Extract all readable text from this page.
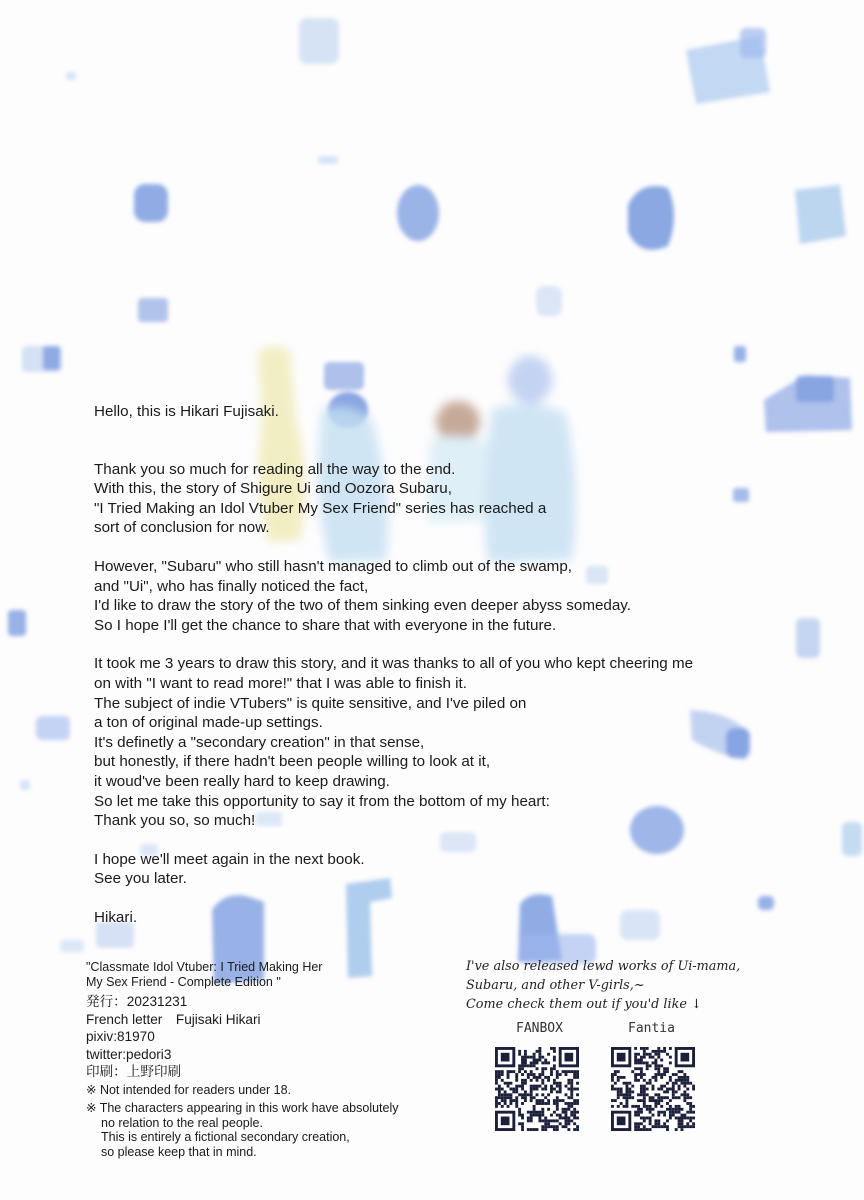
Hello, this is Hikari Fujisaki.

Thank you so much for reading all the way to the end.

With this, the story of Shigure Ui and Oozora Subaru,

"I Tried Making an Idol Vtuber My Sex Friend" series has reached a

sort of conclusion for now.

However, "Subaru" who still hasn't managed to climb out of the swamp,

and "Ui", who has finally noticed the fact,

I'd like to draw the story of the two of them sinking even deeper abyss someday.

So I hope I'll get the chance to share that with everyone in the future.

It took me 3 years to draw this story, and it was thanks to all of you who kept cheering me

on with "I want to read more!" that I was able to finish it.

The subject of indie VTubers" is quite sensitive, and I've piled on

a ton of original made-up settings.

It's definetly a "secondary creation" in that sense,

but honestly, if there hadn't been people willing to look at it,

it woud've been really hard to keep drawing.

So let me take this opportunity to say it from the bottom of my heart:

Thank you so, so much!

I hope we'll meet again in the next book.

See you later.

Hikari.

"Classmate Idol Vtuber: I Tried Making Her
My Sex Friend - Complete Edition "
発行：20231231
French letter　Fujisaki Hikari
pixiv:81970
twitter:pedori3
印刷：上野印刷
※ Not intended for readers under 18.
※ The characters appearing in this work have absolutely
no relation to the real people.
This is entirely a fictional secondary creation,
so please keep that in mind.
I've also released lewd works of Ui-mama,
Subaru, and other V-girls,~
Come check them out if you'd like ↓
FANBOX	Fantia
